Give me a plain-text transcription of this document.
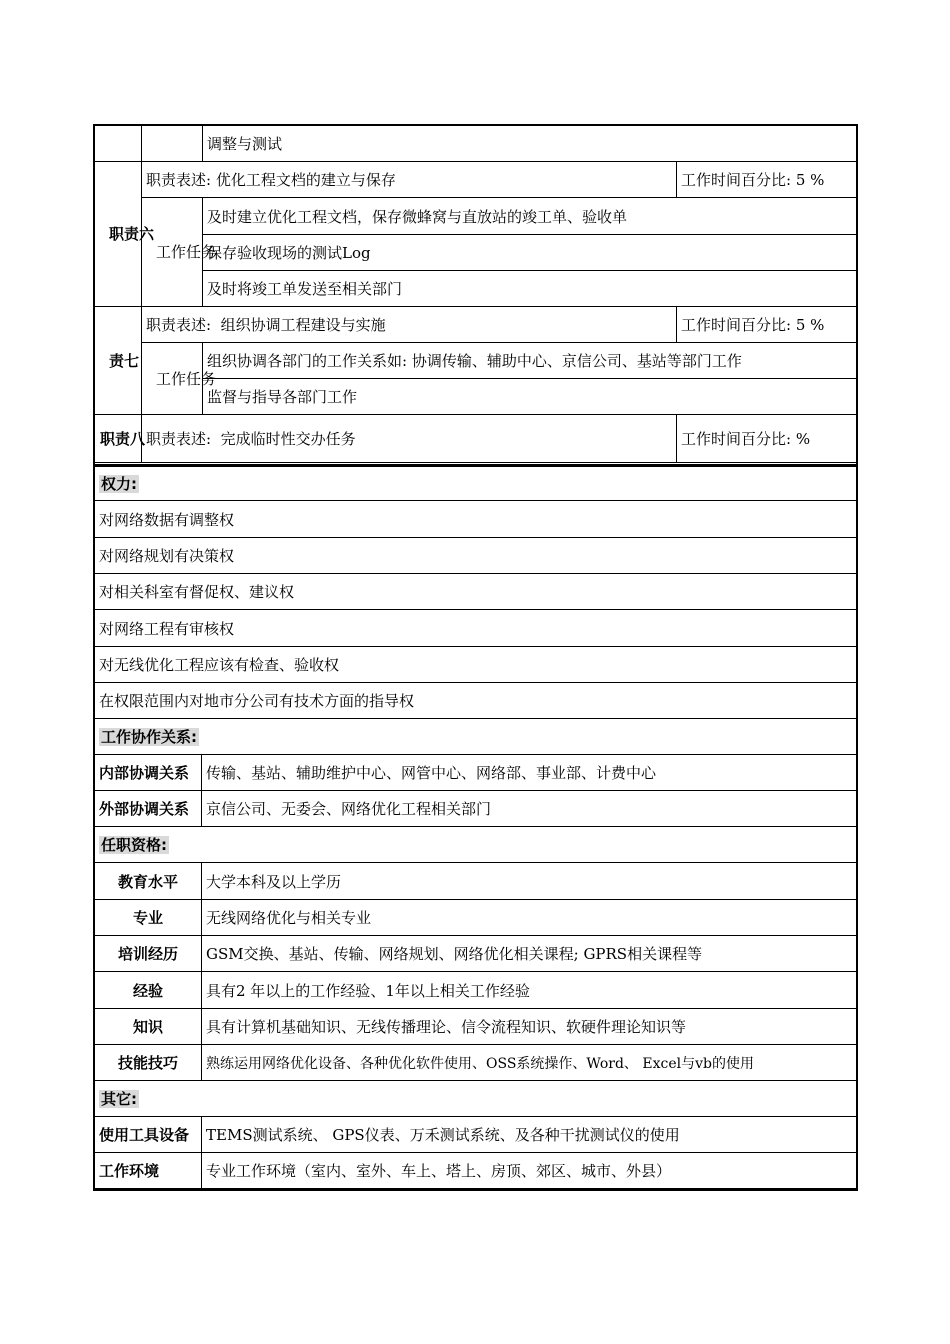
		调整与测试	
职责六	职责表述: 优化工程文档的建立与保存		工作时间百分比: 5 %
	工作任务	及时建立优化工程文档，保存微蜂窝与直放站的竣工单、验收单	
		保存验收现场的测试Log	
		及时将竣工单发送至相关部门	
责七	职责表述: 组织协调工程建设与实施		工作时间百分比: 5 %
	工作任务	组织协调各部门的工作关系如: 协调传输、辅助中心、京信公司、基站等部门工作	
		监督与指导各部门工作	
职责八	职责表述: 完成临时性交办任务		工作时间百分比: %
权力:	
对网络数据有调整权	
对网络规划有决策权	
对相关科室有督促权、建议权	
对网络工程有审核权	
对无线优化工程应该有检查、验收权	
在权限范围内对地市分公司有技术方面的指导权	
工作协作关系:	
内部协调关系	传输、基站、辅助维护中心、网管中心、网络部、事业部、计费中心
外部协调关系	京信公司、无委会、网络优化工程相关部门
任职资格:	
教育水平	大学本科及以上学历
专业	无线网络优化与相关专业
培训经历	GSM交换、基站、传输、网络规划、网络优化相关课程; GPRS相关课程等
经验	具有2 年以上的工作经验、1年以上相关工作经验
知识	具有计算机基础知识、无线传播理论、信令流程知识、软硬件理论知识等
技能技巧	熟练运用网络优化设备、各种优化软件使用、OSS系统操作、Word、 Excel与vb的使用
其它:	
使用工具设备	TEMS测试系统、 GPS仪表、万禾测试系统、及各种干扰测试仪的使用
工作环境	专业工作环境（室内、室外、车上、塔上、房顶、郊区、城市、外县）
